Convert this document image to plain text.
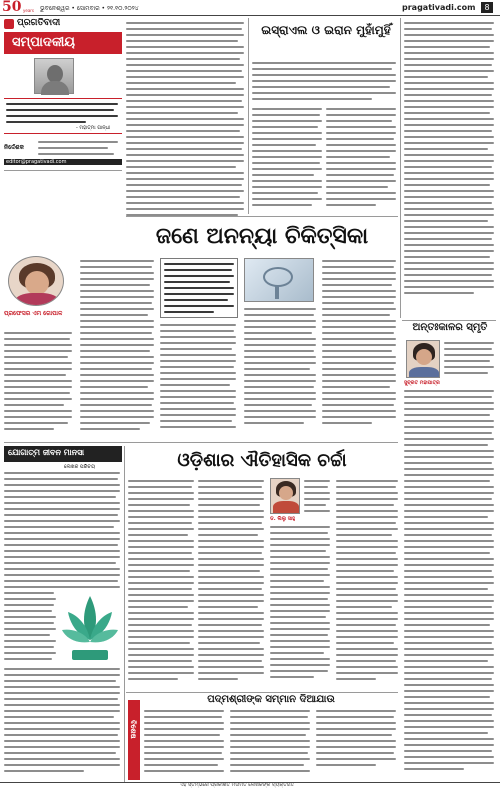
50 years ଭୁବନେଶ୍ୱର • ସୋମବାର • ୨୧.୧୦.୨୦୨୪	pragativadi.com	8
ପ୍ରଗତିବାଦୀ
ସମ୍ପାଦକୀୟ
- ମହାତ୍ମା ଗାନ୍ଧୀ
ନିର୍ଦ୍ଦେଶକ
editor@pragativadi.com
ଇସ୍ରାଏଲ ଓ ଇରାନ ମୁହାଁମୁହିଁ
ଜଣେ ଅନନ୍ୟା ଚିକିତ୍ସିକା
ପ୍ରଫେସର ଏମ ଗୋପାଳ
ଅନ୍ତଃକାଳର ସ୍ମୃତି
ସୁବ୍ରତ ମହାପାତ୍ର
ଓଡ଼ିଶାର ଐତିହାସିକ ଚର୍ଚ୍ଚା
ଯୋଗାତ୍ମ ଜୀବନ ମାନସା
ଲେଖକ ପରିଚୟ
ଡ. ଲିଲୁ ସାହୁ
ବିଶେଷ
ପଦ୍ମଶ୍ରୀଙ୍କ ସମ୍ମାନ ଦିଆଯାଉ
ଏହି ସ୍ତମ୍ଭରେ ପ୍ରକାଶିତ ମତାମତ ଲେଖକଙ୍କ ବ୍ୟକ୍ତିଗତ
